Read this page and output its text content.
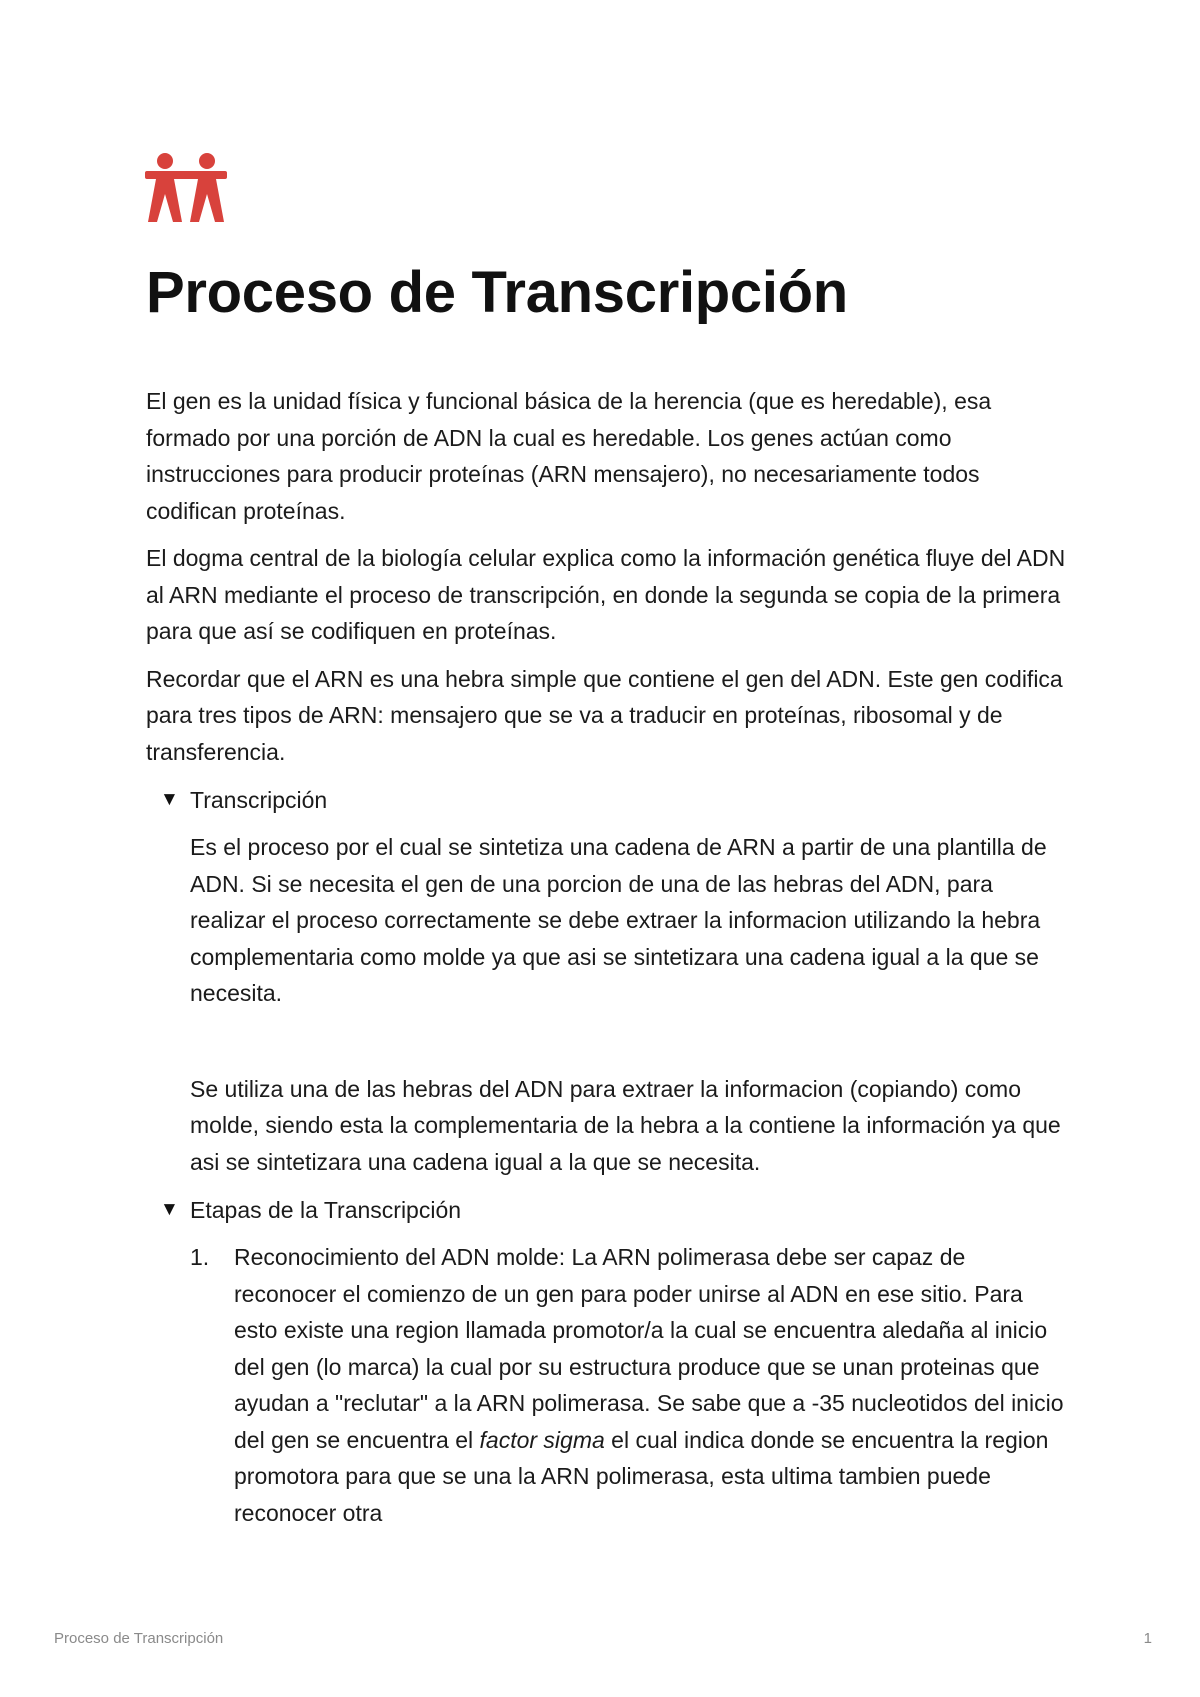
Proceso de Transcripción

El gen es la unidad física y funcional básica de la herencia (que es heredable), esa formado por una porción de ADN la cual es heredable. Los genes actúan como instrucciones para producir proteínas (ARN mensajero), no necesariamente todos codifican proteínas.

El dogma central de la biología celular explica como la información genética fluye del ADN al ARN mediante el proceso de transcripción, en donde la segunda se copia de la primera para que así se codifiquen en proteínas.

Recordar que el ARN es una hebra simple que contiene el gen del ADN. Este gen codifica para tres tipos de ARN: mensajero que se va a traducir en proteínas, ribosomal y de transferencia.

▼ Transcripción

Es el proceso por el cual se sintetiza una cadena de ARN a partir de una plantilla de ADN. Si se necesita el gen de una porcion de una de las hebras del ADN, para realizar el proceso correctamente se debe extraer la informacion utilizando la hebra complementaria como molde ya que asi se sintetizara una cadena igual a la que se necesita.

Se utiliza una de las hebras del ADN para extraer la informacion (copiando) como molde, siendo esta la complementaria de la hebra a la contiene la información ya que asi se sintetizara una cadena igual a la que se necesita.

▼ Etapas de la Transcripción
1.	Reconocimiento del ADN molde: La ARN polimerasa debe ser capaz de reconocer el comienzo de un gen para poder unirse al ADN en ese sitio. Para esto existe una region llamada promotor/a la cual se encuentra aledaña al inicio del gen (lo marca) la cual por su estructura produce que se unan proteinas que ayudan a "reclutar" a la ARN polimerasa. Se sabe que a -35 nucleotidos del inicio del gen se encuentra el factor sigma el cual indica donde se encuentra la region promotora para que se una la ARN polimerasa, esta ultima tambien puede reconocer otra
Proceso de Transcripción	1
